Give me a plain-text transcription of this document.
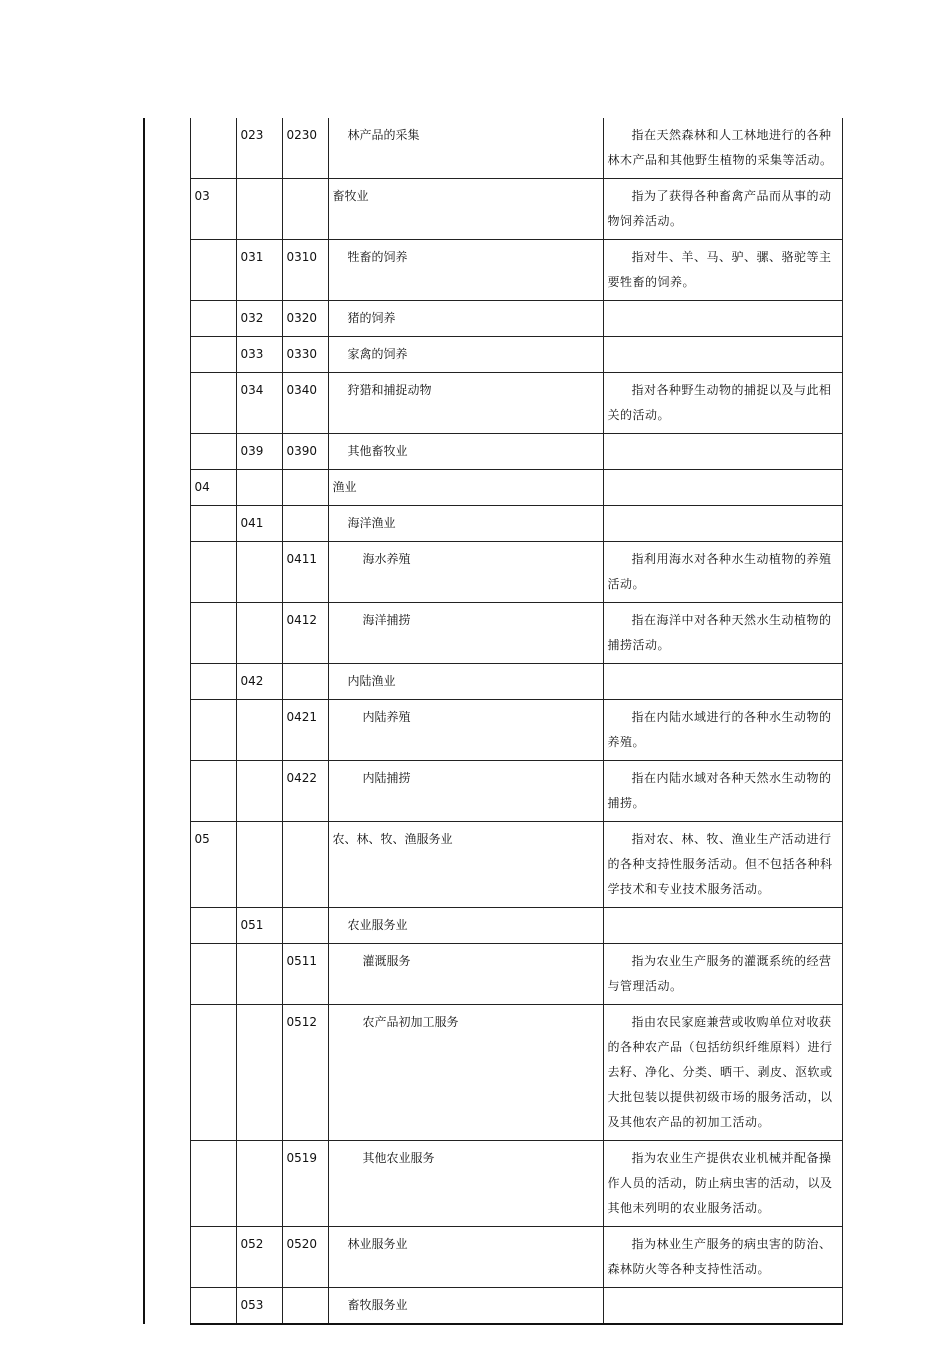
		023	0230	林产品的采集	指在天然森林和人工林地进行的各种林木产品和其他野生植物的采集等活动。

	03			畜牧业	指为了获得各种畜禽产品而从事的动物饲养活动。

		031	0310	牲畜的饲养	指对牛、羊、马、驴、骡、骆驼等主要牲畜的饲养。

		032	0320	猪的饲养	

		033	0330	家禽的饲养	

		034	0340	狩猎和捕捉动物	指对各种野生动物的捕捉以及与此相关的活动。

		039	0390	其他畜牧业	

	04			渔业	

		041		海洋渔业	

			0411	海水养殖	指利用海水对各种水生动植物的养殖活动。

			0412	海洋捕捞	指在海洋中对各种天然水生动植物的捕捞活动。

		042		内陆渔业	

			0421	内陆养殖	指在内陆水域进行的各种水生动物的养殖。

			0422	内陆捕捞	指在内陆水域对各种天然水生动物的捕捞。

	05			农、林、牧、渔服务业	指对农、林、牧、渔业生产活动进行的各种支持性服务活动。但不包括各种科学技术和专业技术服务活动。

		051		农业服务业	

			0511	灌溉服务	指为农业生产服务的灌溉系统的经营与管理活动。

			0512	农产品初加工服务	指由农民家庭兼营或收购单位对收获的各种农产品（包括纺织纤维原料）进行去籽、净化、分类、晒干、剥皮、沤软或大批包装以提供初级市场的服务活动，以及其他农产品的初加工活动。

			0519	其他农业服务	指为农业生产提供农业机械并配备操作人员的活动，防止病虫害的活动，以及其他未列明的农业服务活动。

		052	0520	林业服务业	指为林业生产服务的病虫害的防治、森林防火等各种支持性活动。

		053		畜牧服务业	
